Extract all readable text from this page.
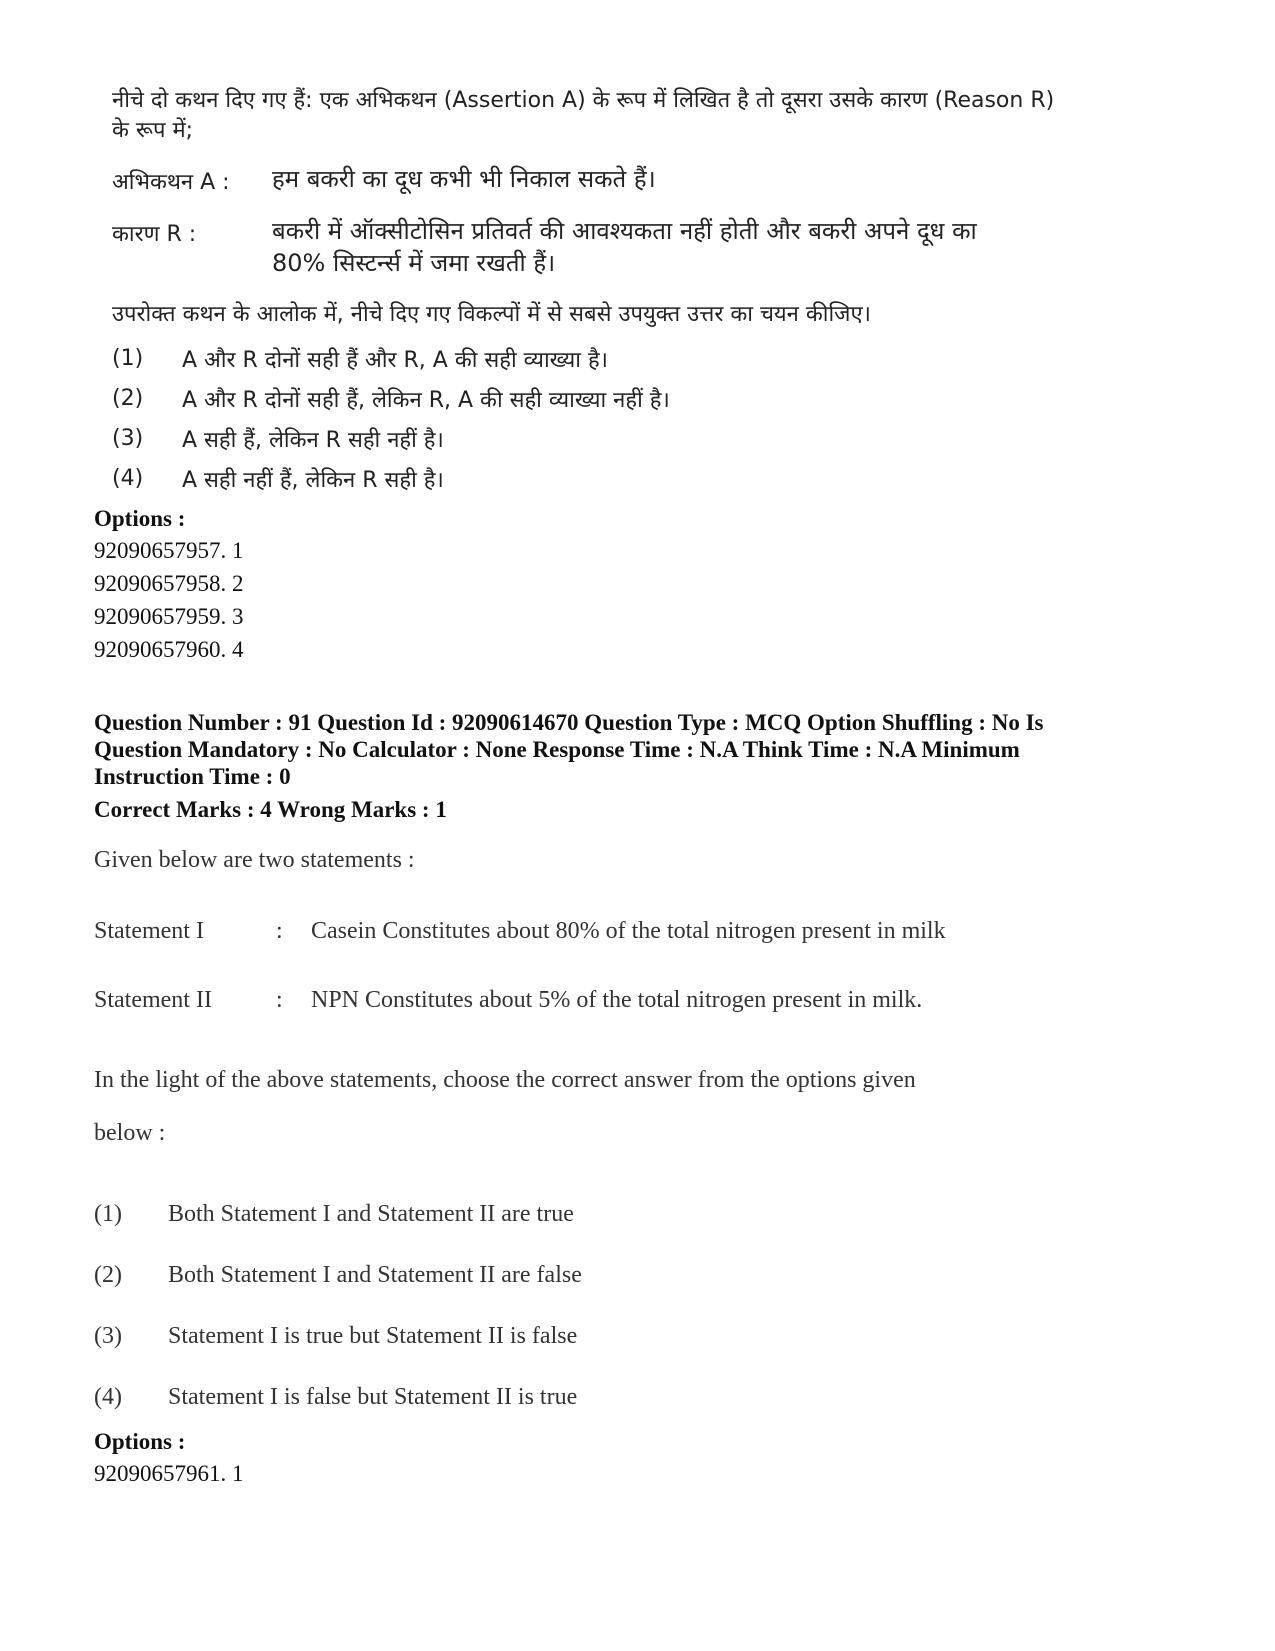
नीचे दो कथन दिए गए हैं: एक अभिकथन (Assertion A) के रूप में लिखित है तो दूसरा उसके कारण (Reason R)
के रूप में;
अभिकथन A : हम बकरी का दूध कभी भी निकाल सकते हैं।
कारण R :	बकरी में ऑक्सीटोसिन प्रतिवर्त की आवश्यकता नहीं होती और बकरी अपने दूध का
80% सिस्टर्न्स में जमा रखती हैं।
उपरोक्त कथन के आलोक में, नीचे दिए गए विकल्पों में से सबसे उपयुक्त उत्तर का चयन कीजिए।
(1) A और R दोनों सही हैं और R, A की सही व्याख्या है।
(2) A और R दोनों सही हैं, लेकिन R, A की सही व्याख्या नहीं है।
(3) A सही हैं, लेकिन R सही नहीं है।
(4) A सही नहीं हैं, लेकिन R सही है।
Options :
92090657957. 1
92090657958. 2
92090657959. 3
92090657960. 4
Question Number : 91 Question Id : 92090614670 Question Type : MCQ Option Shuffling : No Is
Question Mandatory : No Calculator : None Response Time : N.A Think Time : N.A Minimum
Instruction Time : 0
Correct Marks : 4 Wrong Marks : 1
Given below are two statements :
Statement I	: Casein Constitutes about 80% of the total nitrogen present in milk
Statement II	: NPN Constitutes about 5% of the total nitrogen present in milk.
In the light of the above statements, choose the correct answer from the options given
below :
(1) Both Statement I and Statement II are true
(2) Both Statement I and Statement II are false
(3) Statement I is true but Statement II is false
(4) Statement I is false but Statement II is true
Options :
92090657961. 1
